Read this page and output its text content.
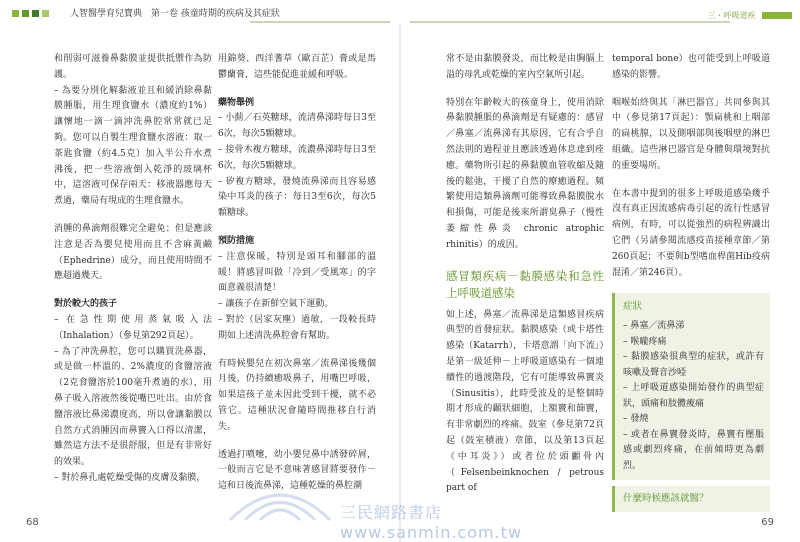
人智醫學育兒寶典　第一卷 孩童時期的疾病及其症狀	三・呼吸道疾

和削弱可滋養鼻黏膜並提供抵禦作為防護。

– 為要分別化解黏液並且和緩消除鼻黏膜腫脹，用生理食鹽水（濃度約1%）讓懷地一滴一滴沖洗鼻腔常常就已足夠。您可以自製生理食鹽水溶液：取一茶匙食鹽（約4.5克）加入半公升水煮沸後，把一些溶液倒入乾淨的玻璃杯中，這溶液可保存兩天：移液器應每天煮過，藥局有現成的生理食鹽水。

消腫的鼻滴劑很難完全避免；但是應該注意是否為嬰兒使用而且不含麻黃鹼（Ephedrine）成分，而且使用時間不應超過幾天。

對於較大的孩子

– 在急性期使用蒸氣吸入法（Inhalation）（參見第292頁起）。

– 為了沖洗鼻腔，您可以購買洗鼻器，或是做一杯溫的、2%濃度的食鹽溶液（2克食鹽溶於100毫升煮過的水），用鼻子吸入溶液然後從嘴巴吐出。由於食鹽溶液比鼻涕濃度高，所以會讓黏膜以自然方式消腫因而鼻竇入口得以清潔，雖然這方法不是很舒服，但是有非常好的效果。

– 對於鼻孔處乾燥受傷的皮膚及黏膜，

用錦葵、西洋蓍草（歐百芷）膏或是馬鬱蘭膏，這些能促進並緩和呼吸。

藥物舉例

– 小薊／石英糖球，流清鼻涕時每日3至6次，每次5顆糖球。

– 接骨木複方糖球，流濃鼻涕時每日3至6次，每次5顆糖球。

– 矽複方糖球，發燒流鼻涕而且容易感染中耳炎的孩子：每日3至6次，每次5顆糖球。

預防措施

– 注意保暖，特別是頭耳和腳部的溫暖！將感冒叫做「冷到／受風寒」的字面意義很清楚！

– 讓孩子在新鮮空氣下運動。

– 對於（居家灰塵）過敏，一段較長時期如上述清洗鼻腔會有幫助。

有時候嬰兒在初次鼻塞／流鼻涕後幾個月後，仍持續癒吸鼻子，用嘴巴呼吸，如果這孩子並未因此受到干擾，就不必管它。這種狀況會隨時間推移自行消失。

透過打噴嚏，幼小嬰兒鼻中誘發碎屑，一般而言它是不意味著感冒將要發作－這和日後流鼻涕，這種乾燥的鼻腔潮

常不是由黏膜發炎，而比較是由胸膈上溢的母乳或乾燥的室內空氣所引起。

特別在年齡較大的孩童身上，使用消除鼻黏膜腫脹的鼻滴劑是有疑慮的：感冒／鼻塞／流鼻涕有其原因，它有合乎自然法則的過程並且應該透過休息達到痊癒。藥物所引起的鼻黏膜血管收縮及隨後的鬆弛，干擾了自然的療癒過程。頻繁使用這類鼻滴劑可能導致鼻黏膜脫水和損傷，可能是後來所謂臭鼻子（慢性萎縮性鼻炎 chronic atrophic rhinitis）的成因。

感冒類疾病－黏膜感染和急性上呼吸道感染

如上述，鼻塞／流鼻涕是這類感冒疾病典型的首發症狀。黏膜感染（或卡塔性感染（Katarrh），卡塔意謂「向下流」）是第一級延伸－上呼吸道感染有一個連續性的過渡階段，它有可能導致鼻竇炎（Sinusitis），此時受波及的是整個時期才形成的顳狀細胞，上額竇和篩竇，有非常劇烈的疼痛。鼓室（參見第72頁起（鼓室積液）章節，以及第13頁起《中耳炎》）或者位於頭顱骨內（Felsenbeinknochen / petrous part of

temporal bone）也可能受到上呼吸道感染的影響。

咽喉始終與其「淋巴器官」共同參與其中（參見第17頁起）：顎扁桃和上咽部的扁桃腺，以及側咽部與後咽壁的淋巴組織。這些淋巴器官是身體與環境對抗的重要場所。

在本書中提到的很多上呼吸道感染幾乎沒有真正因流感病毒引起的流行性感冒病例，有時，可以從強烈的病程辨識出它們（另請參閱流感疫苗接種章節／第260頁起；不要與b型嗜血桿菌Hib疫病混淆／第246頁）。

症狀
– 鼻塞／流鼻涕
– 喉嚨疼痛
– 黏膜感染很典型的症狀，或許有咳嗽及聲音沙啞
– 上呼吸道感染開始發作的典型症狀，頭痛和肢體痠痛
– 發燒
– 或者在鼻竇發炎時，鼻竇有壓脹感或劇烈疼痛，在前傾時更為劇烈。
什麼時候應該就醫？
三民網路書店 www.sanmin.com.tw
68	69
